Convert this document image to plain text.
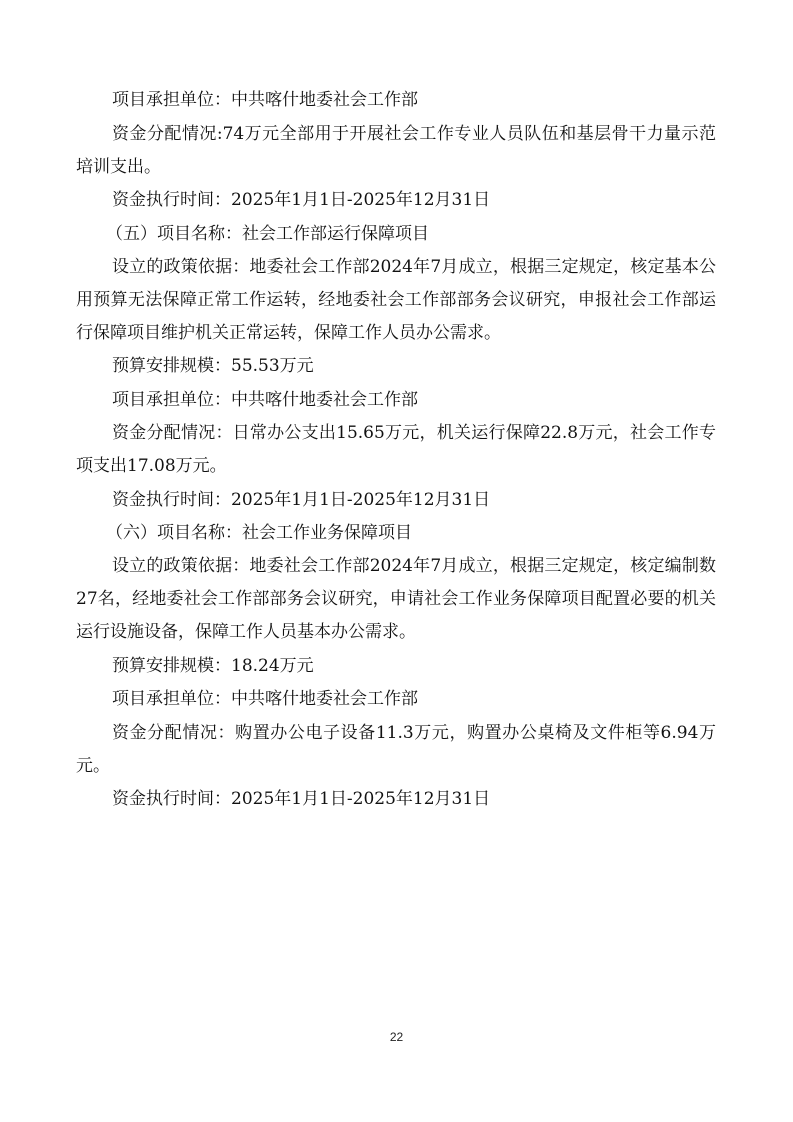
项目承担单位：中共喀什地委社会工作部

资金分配情况:74万元全部用于开展社会工作专业人员队伍和基层骨干力量示范培训支出。

资金执行时间：2025年1月1日-2025年12月31日

（五）项目名称：社会工作部运行保障项目

设立的政策依据：地委社会工作部2024年7月成立，根据三定规定，核定基本公用预算无法保障正常工作运转，经地委社会工作部部务会议研究，申报社会工作部运行保障项目维护机关正常运转，保障工作人员办公需求。

预算安排规模：55.53万元

项目承担单位：中共喀什地委社会工作部

资金分配情况：日常办公支出15.65万元，机关运行保障22.8万元，社会工作专项支出17.08万元。

资金执行时间：2025年1月1日-2025年12月31日

（六）项目名称：社会工作业务保障项目

设立的政策依据：地委社会工作部2024年7月成立，根据三定规定，核定编制数27名，经地委社会工作部部务会议研究，申请社会工作业务保障项目配置必要的机关运行设施设备，保障工作人员基本办公需求。

预算安排规模：18.24万元

项目承担单位：中共喀什地委社会工作部

资金分配情况：购置办公电子设备11.3万元，购置办公桌椅及文件柜等6.94万元。

资金执行时间：2025年1月1日-2025年12月31日

22
